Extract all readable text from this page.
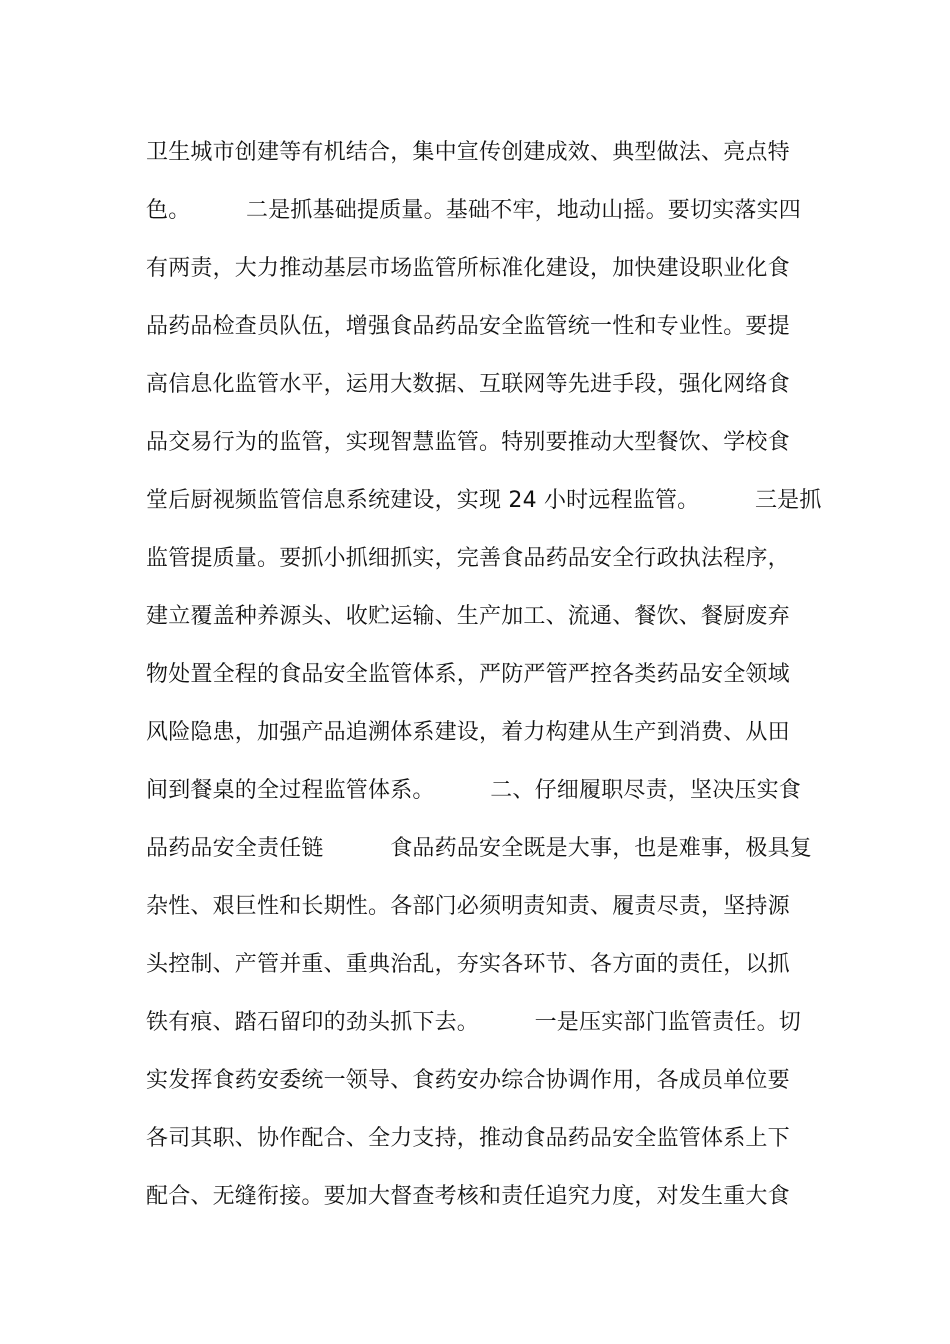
卫生城市创建等有机结合，集中宣传创建成效、典型做法、亮点特
色。　　　二是抓基础提质量。基础不牢，地动山摇。要切实落实四
有两责，大力推动基层市场监管所标准化建设，加快建设职业化食
品药品检查员队伍，增强食品药品安全监管统一性和专业性。要提
高信息化监管水平，运用大数据、互联网等先进手段，强化网络食
品交易行为的监管，实现智慧监管。特别要推动大型餐饮、学校食
堂后厨视频监管信息系统建设，实现 24 小时远程监管。　　　三是抓
监管提质量。要抓小抓细抓实，完善食品药品安全行政执法程序，
建立覆盖种养源头、收贮运输、生产加工、流通、餐饮、餐厨废弃
物处置全程的食品安全监管体系，严防严管严控各类药品安全领域
风险隐患，加强产品追溯体系建设，着力构建从生产到消费、从田
间到餐桌的全过程监管体系。　　　二、仔细履职尽责，坚决压实食
品药品安全责任链　　　食品药品安全既是大事，也是难事，极具复
杂性、艰巨性和长期性。各部门必须明责知责、履责尽责，坚持源
头控制、产管并重、重典治乱，夯实各环节、各方面的责任，以抓
铁有痕、踏石留印的劲头抓下去。　　　一是压实部门监管责任。切
实发挥食药安委统一领导、食药安办综合协调作用，各成员单位要
各司其职、协作配合、全力支持，推动食品药品安全监管体系上下
配合、无缝衔接。要加大督查考核和责任追究力度，对发生重大食
